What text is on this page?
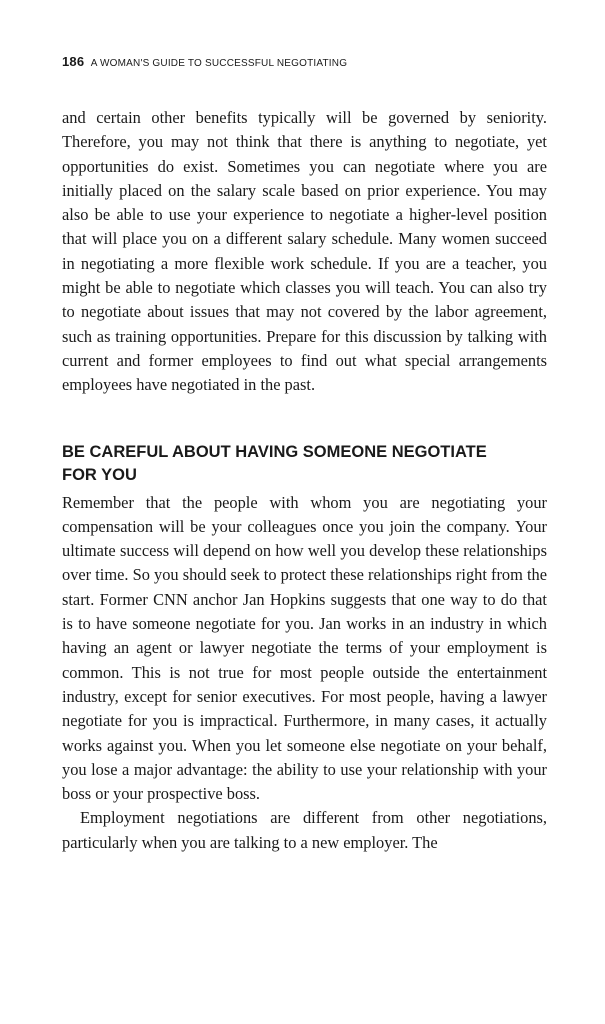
186 A WOMAN'S GUIDE TO SUCCESSFUL NEGOTIATING

and certain other benefits typically will be governed by seniority. Therefore, you may not think that there is anything to negotiate, yet opportunities do exist. Sometimes you can negotiate where you are initially placed on the salary scale based on prior experience. You may also be able to use your experience to negotiate a higher-level position that will place you on a different salary schedule. Many women succeed in negotiating a more flexible work schedule. If you are a teacher, you might be able to negotiate which classes you will teach. You can also try to negotiate about issues that may not covered by the labor agreement, such as training opportunities. Prepare for this discussion by talking with current and former employees to find out what special arrangements employees have negotiated in the past.

BE CAREFUL ABOUT HAVING SOMEONE NEGOTIATE FOR YOU

Remember that the people with whom you are negotiating your compensation will be your colleagues once you join the company. Your ultimate success will depend on how well you develop these relationships over time. So you should seek to protect these relationships right from the start. Former CNN anchor Jan Hopkins suggests that one way to do that is to have someone negotiate for you. Jan works in an industry in which having an agent or lawyer negotiate the terms of your employment is common. This is not true for most people outside the entertainment industry, except for senior executives. For most people, having a lawyer negotiate for you is impractical. Furthermore, in many cases, it actually works against you. When you let someone else negotiate on your behalf, you lose a major advantage: the ability to use your relationship with your boss or your prospective boss.

Employment negotiations are different from other negotiations, particularly when you are talking to a new employer. The
